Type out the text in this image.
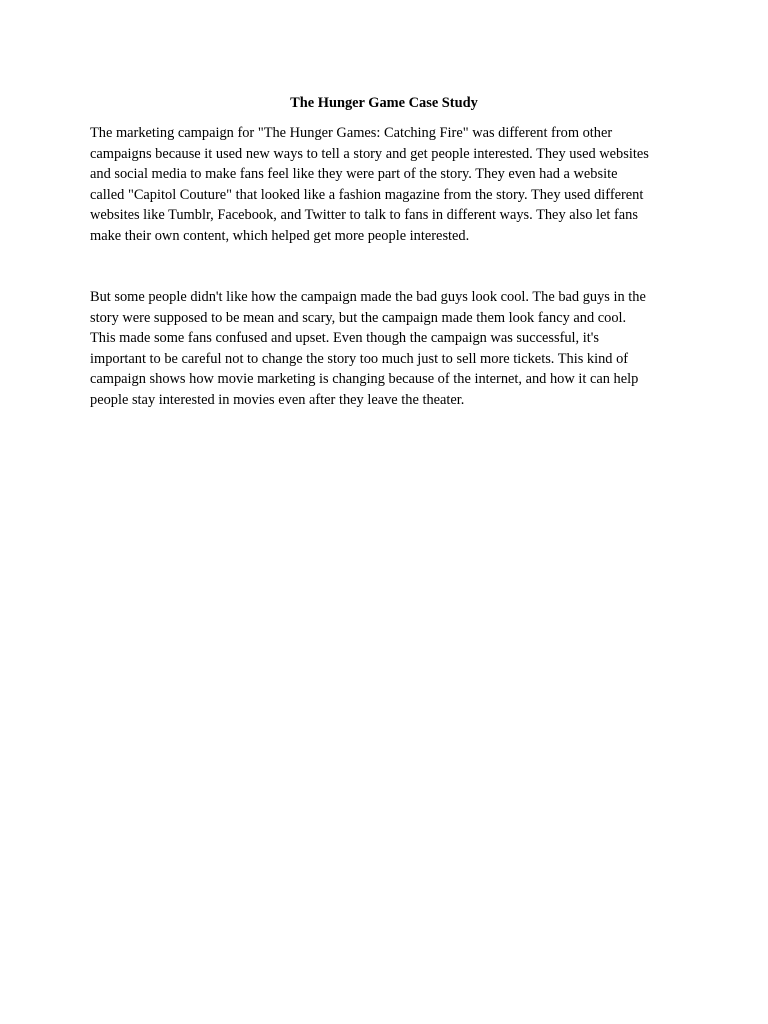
The Hunger Game Case Study

The marketing campaign for "The Hunger Games: Catching Fire" was different from other
campaigns because it used new ways to tell a story and get people interested. They used websites
and social media to make fans feel like they were part of the story. They even had a website
called "Capitol Couture" that looked like a fashion magazine from the story. They used different
websites like Tumblr, Facebook, and Twitter to talk to fans in different ways. They also let fans
make their own content, which helped get more people interested.

But some people didn't like how the campaign made the bad guys look cool. The bad guys in the
story were supposed to be mean and scary, but the campaign made them look fancy and cool.
This made some fans confused and upset. Even though the campaign was successful, it's
important to be careful not to change the story too much just to sell more tickets. This kind of
campaign shows how movie marketing is changing because of the internet, and how it can help
people stay interested in movies even after they leave the theater.
